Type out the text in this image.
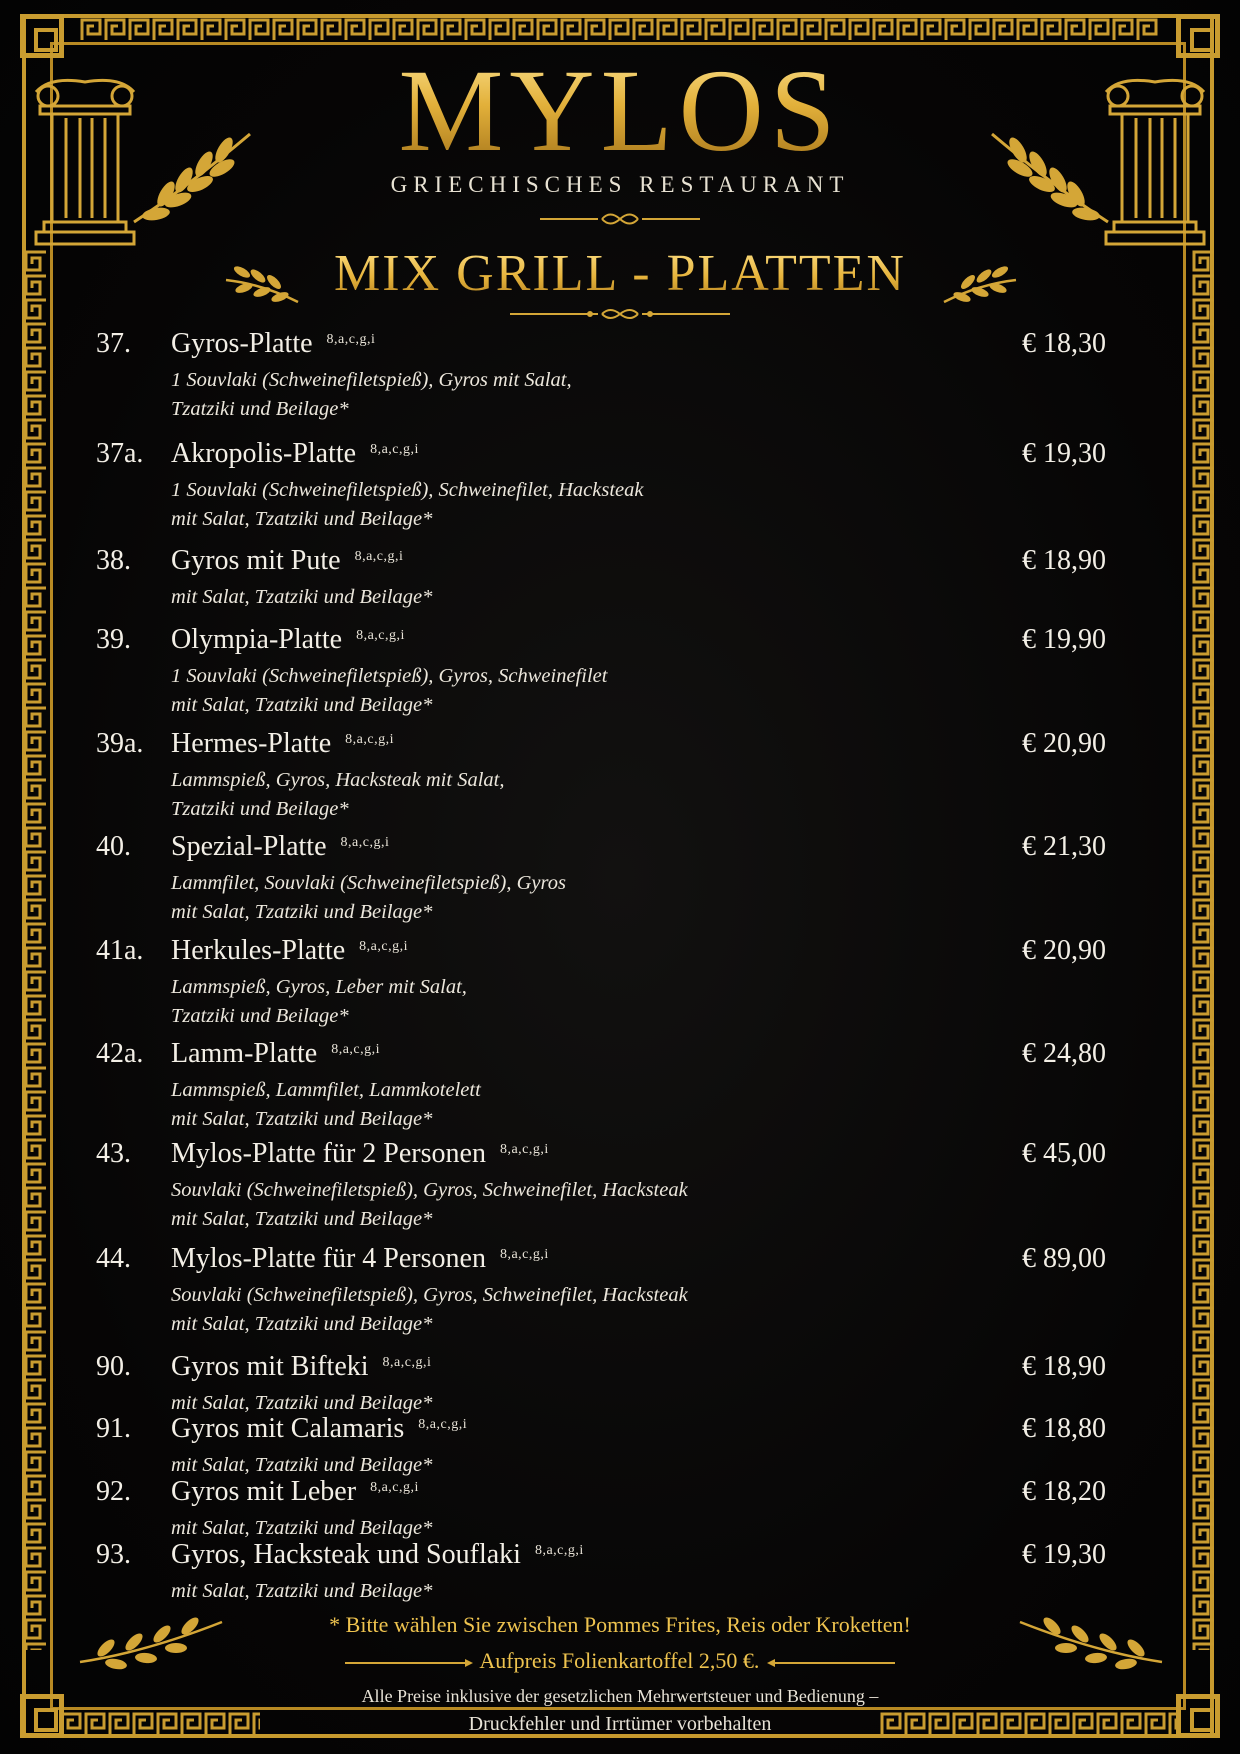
MYLOS
GRIECHISCHES RESTAURANT
MIX GRILL - PLATTEN
37. Gyros-Platte $^{8,a,c,g,i}$	€ 18,30
1 Souvlaki (Schweinefiletspieß), Gyros mit Salat,
Tzatziki und Beilage*
37a. Akropolis-Platte $^{8,a,c,g,i}$	€ 19,30
1 Souvlaki (Schweinefiletspieß), Schweinefilet, Hacksteak
mit Salat, Tzatziki und Beilage*
38. Gyros mit Pute $^{8,a,c,g,i}$	€ 18,90
mit Salat, Tzatziki und Beilage*
39. Olympia-Platte $^{8,a,c,g,i}$	€ 19,90
1 Souvlaki (Schweinefiletspieß), Gyros, Schweinefilet
mit Salat, Tzatziki und Beilage*
39a. Hermes-Platte $^{8,a,c,g,i}$	€ 20,90
Lammspieß, Gyros, Hacksteak mit Salat,
Tzatziki und Beilage*
40. Spezial-Platte $^{8,a,c,g,i}$	€ 21,30
Lammfilet, Souvlaki (Schweinefiletspieß), Gyros
mit Salat, Tzatziki und Beilage*
41a. Herkules-Platte $^{8,a,c,g,i}$	€ 20,90
Lammspieß, Gyros, Leber mit Salat,
Tzatziki und Beilage*
42a. Lamm-Platte $^{8,a,c,g,i}$	€ 24,80
Lammspieß, Lammfilet, Lammkotelett
mit Salat, Tzatziki und Beilage*
43. Mylos-Platte für 2 Personen $^{8,a,c,g,i}$	€ 45,00
Souvlaki (Schweinefiletspieß), Gyros, Schweinefilet, Hacksteak
mit Salat, Tzatziki und Beilage*
44. Mylos-Platte für 4 Personen $^{8,a,c,g,i}$	€ 89,00
Souvlaki (Schweinefiletspieß), Gyros, Schweinefilet, Hacksteak
mit Salat, Tzatziki und Beilage*
90. Gyros mit Bifteki $^{8,a,c,g,i}$	€ 18,90
mit Salat, Tzatziki und Beilage*
91. Gyros mit Calamaris $^{8,a,c,g,i}$	€ 18,80
mit Salat, Tzatziki und Beilage*
92. Gyros mit Leber $^{8,a,c,g,i}$	€ 18,20
mit Salat, Tzatziki und Beilage*
93. Gyros, Hacksteak und Souflaki $^{8,a,c,g,i}$	€ 19,30
mit Salat, Tzatziki und Beilage*
* Bitte wählen Sie zwischen Pommes Frites, Reis oder Kroketten!
Aufpreis Folienkartoffel 2,50 €.
Alle Preise inklusive der gesetzlichen Mehrwertsteuer und Bedienung –
Druckfehler und Irrtümer vorbehalten
